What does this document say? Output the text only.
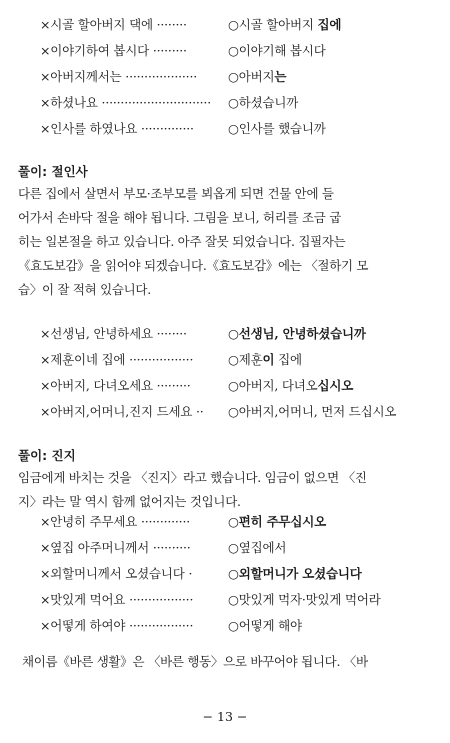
×시골 할아버지 댁에 ········	○시골 할아버지 집에
×이야기하여 봅시다 ·········	○이야기해 봅시다
×아버지께서는 ··················· ○아버지는
×하셨나요 ····························· ○하셨습니까
×인사를 하였나요 ··············	○인사를 했습니까
풀이: 절인사
다른 집에서 살면서 부모·조부모를 뵈옵게 되면 건물 안에 들
어가서 손바닥 절을 해야 됩니다. 그림을 보니, 허리를 조금 굽
히는 일본절을 하고 있습니다. 아주 잘못 되었습니다. 집필자는
《효도보감》을 읽어야 되겠습니다.《효도보감》에는 〈절하기 모
습〉이 잘 적혀 있습니다.
×선생님, 안녕하세요 ········	○선생님, 안녕하셨습니까
×제훈이네 집에 ·················	○제훈이 집에
×아버지, 다녀오세요 ·········	○아버지, 다녀오십시오
×아버지,어머니,진지 드세요 ·· ○아버지,어머니, 먼저 드십시오
풀이: 진지
임금에게 바치는 것을 〈진지〉라고 했습니다. 임금이 없으면 〈진
지〉라는 말 역시 함께 없어지는 것입니다.
×안녕히 주무세요 ·············	○편히 주무십시오
×옆집 아주머니께서 ··········	○옆집에서
×외할머니께서 오셨습니다 ·	○외할머니가 오셨습니다
×맛있게 먹어요 ·················	○맛있게 먹자·맛있게 먹어라
×어떻게 하여야 ·················	○어떻게 해야
채이름《바른 생활》은 〈바른 행동〉으로 바꾸어야 됩니다. 〈바
− 13 −
